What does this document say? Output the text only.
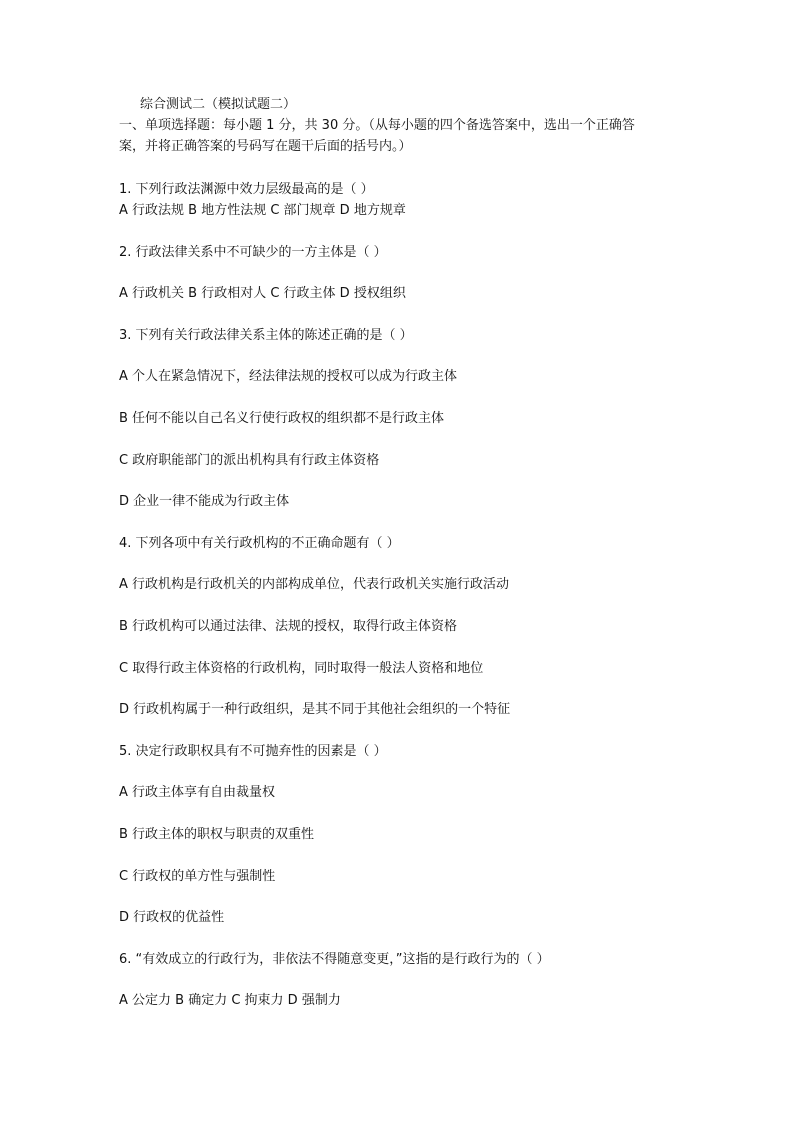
综合测试二（模拟试题二）
一、单项选择题：每小题 1 分，共 30 分。（从每小题的四个备选答案中，选出一个正确答
案，并将正确答案的号码写在题干后面的括号内。）
1. 下列行政法渊源中效力层级最高的是（ ）
A 行政法规 B 地方性法规 C 部门规章 D 地方规章
2. 行政法律关系中不可缺少的一方主体是（ ）
A 行政机关 B 行政相对人 C 行政主体 D 授权组织
3. 下列有关行政法律关系主体的陈述正确的是（ ）
A 个人在紧急情况下，经法律法规的授权可以成为行政主体
B 任何不能以自己名义行使行政权的组织都不是行政主体
C 政府职能部门的派出机构具有行政主体资格
D 企业一律不能成为行政主体
4. 下列各项中有关行政机构的不正确命题有（ ）
A 行政机构是行政机关的内部构成单位，代表行政机关实施行政活动
B 行政机构可以通过法律、法规的授权，取得行政主体资格
C 取得行政主体资格的行政机构，同时取得一般法人资格和地位
D 行政机构属于一种行政组织，是其不同于其他社会组织的一个特征
5. 决定行政职权具有不可抛弃性的因素是（ ）
A 行政主体享有自由裁量权
B 行政主体的职权与职责的双重性
C 行政权的单方性与强制性
D 行政权的优益性
6. “有效成立的行政行为，非依法不得随意变更，”这指的是行政行为的（ ）
A 公定力 B 确定力 C 拘束力 D 强制力
